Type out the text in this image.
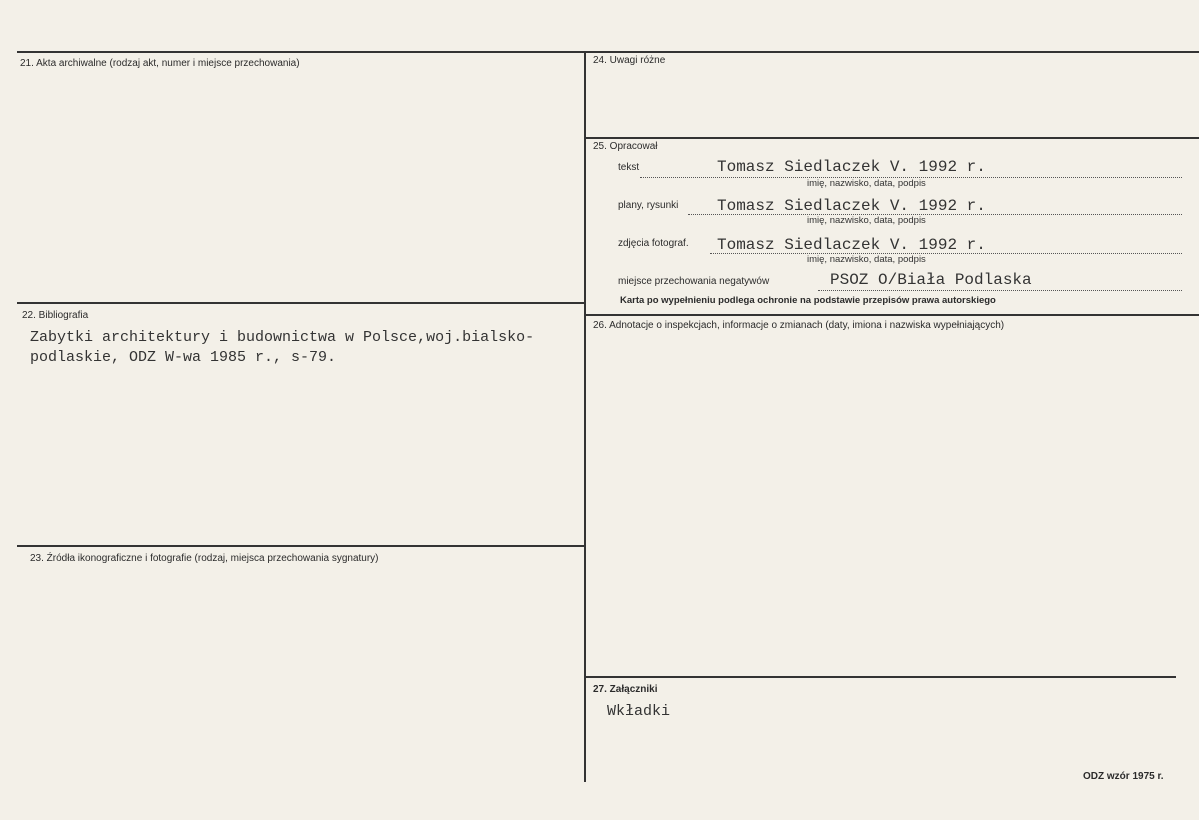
21. Akta archiwalne (rodzaj akt, numer i miejsce przechowania)
22. Bibliografia
Zabytki architektury i budownictwa w Polsce,woj.bialsko-
podlaskie, ODZ W-wa 1985 r., s-79.
23. Źródła ikonograficzne i fotografie (rodzaj, miejsca przechowania sygnatury)
24. Uwagi różne
25. Opracował
tekst	Tomasz Siedlaczek V. 1992 r.
imię, nazwisko, data, podpis
plany, rysunki Tomasz Siedlaczek V. 1992 r.
imię, nazwisko, data, podpis
zdjęcia fotograf. Tomasz Siedlaczek V. 1992 r.
imię, nazwisko, data, podpis
miejsce przechowania negatywów	PSOZ O/Biała Podlaska
Karta po wypełnieniu podlega ochronie na podstawie przepisów prawa autorskiego
26. Adnotacje o inspekcjach, informacje o zmianach (daty, imiona i nazwiska wypełniających)
27. Załączniki
Wkładki
ODZ wzór 1975 r.
